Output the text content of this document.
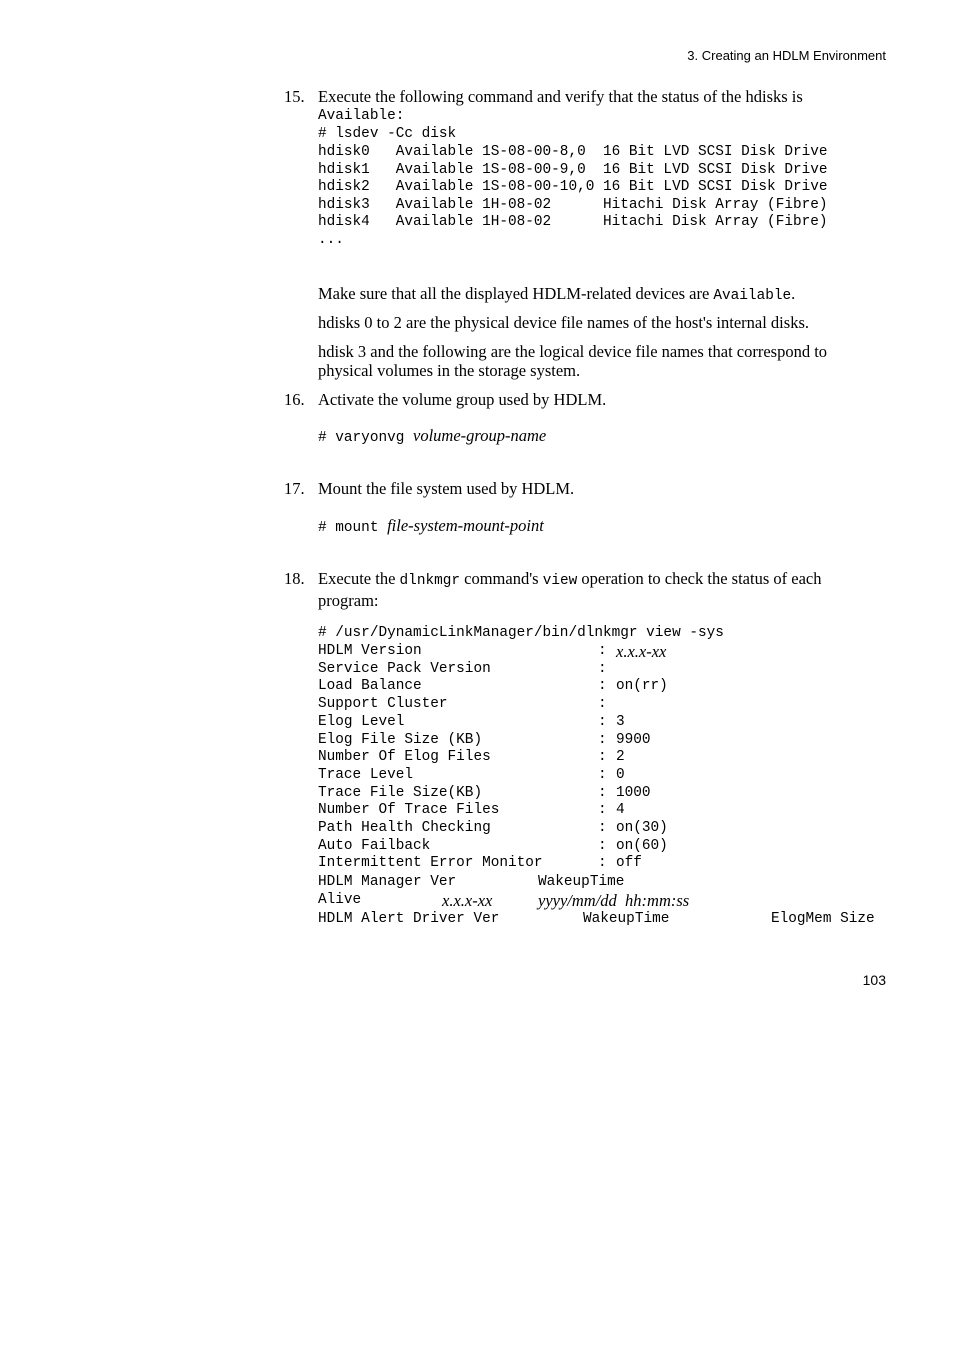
3. Creating an HDLM Environment
15. Execute the following command and verify that the status of the hdisks is
Available:
# lsdev -Cc disk
hdisk0   Available 1S-08-00-8,0  16 Bit LVD SCSI Disk Drive
hdisk1   Available 1S-08-00-9,0  16 Bit LVD SCSI Disk Drive
hdisk2   Available 1S-08-00-10,0 16 Bit LVD SCSI Disk Drive
hdisk3   Available 1H-08-02      Hitachi Disk Array (Fibre)
hdisk4   Available 1H-08-02      Hitachi Disk Array (Fibre)
...
Make sure that all the displayed HDLM-related devices are Available.
hdisks 0 to 2 are the physical device file names of the host's internal disks.
hdisk 3 and the following are the logical device file names that correspond to physical volumes in the storage system.
16. Activate the volume group used by HDLM.
# varyonvg volume-group-name
17. Mount the file system used by HDLM.
# mount file-system-mount-point
18. Execute the dlnkmgr command's view operation to check the status of each program:
# /usr/DynamicLinkManager/bin/dlnkmgr view -sys
HDLM Version	: x.x.x-xx
Service Pack Version	:
Load Balance	: on(rr)
Support Cluster	:
Elog Level	: 3
Elog File Size (KB)	: 9900
Number Of Elog Files	: 2
Trace Level	: 0
Trace File Size(KB)	: 1000
Number Of Trace Files	: 4
Path Health Checking	: on(30)
Auto Failback	: on(60)
Intermittent Error Monitor	: off
HDLM Manager Ver	WakeupTime
Alive	x.x.x-xx	yyyy/mm/dd  hh:mm:ss
HDLM Alert Driver Ver	WakeupTime	ElogMem Size
103
